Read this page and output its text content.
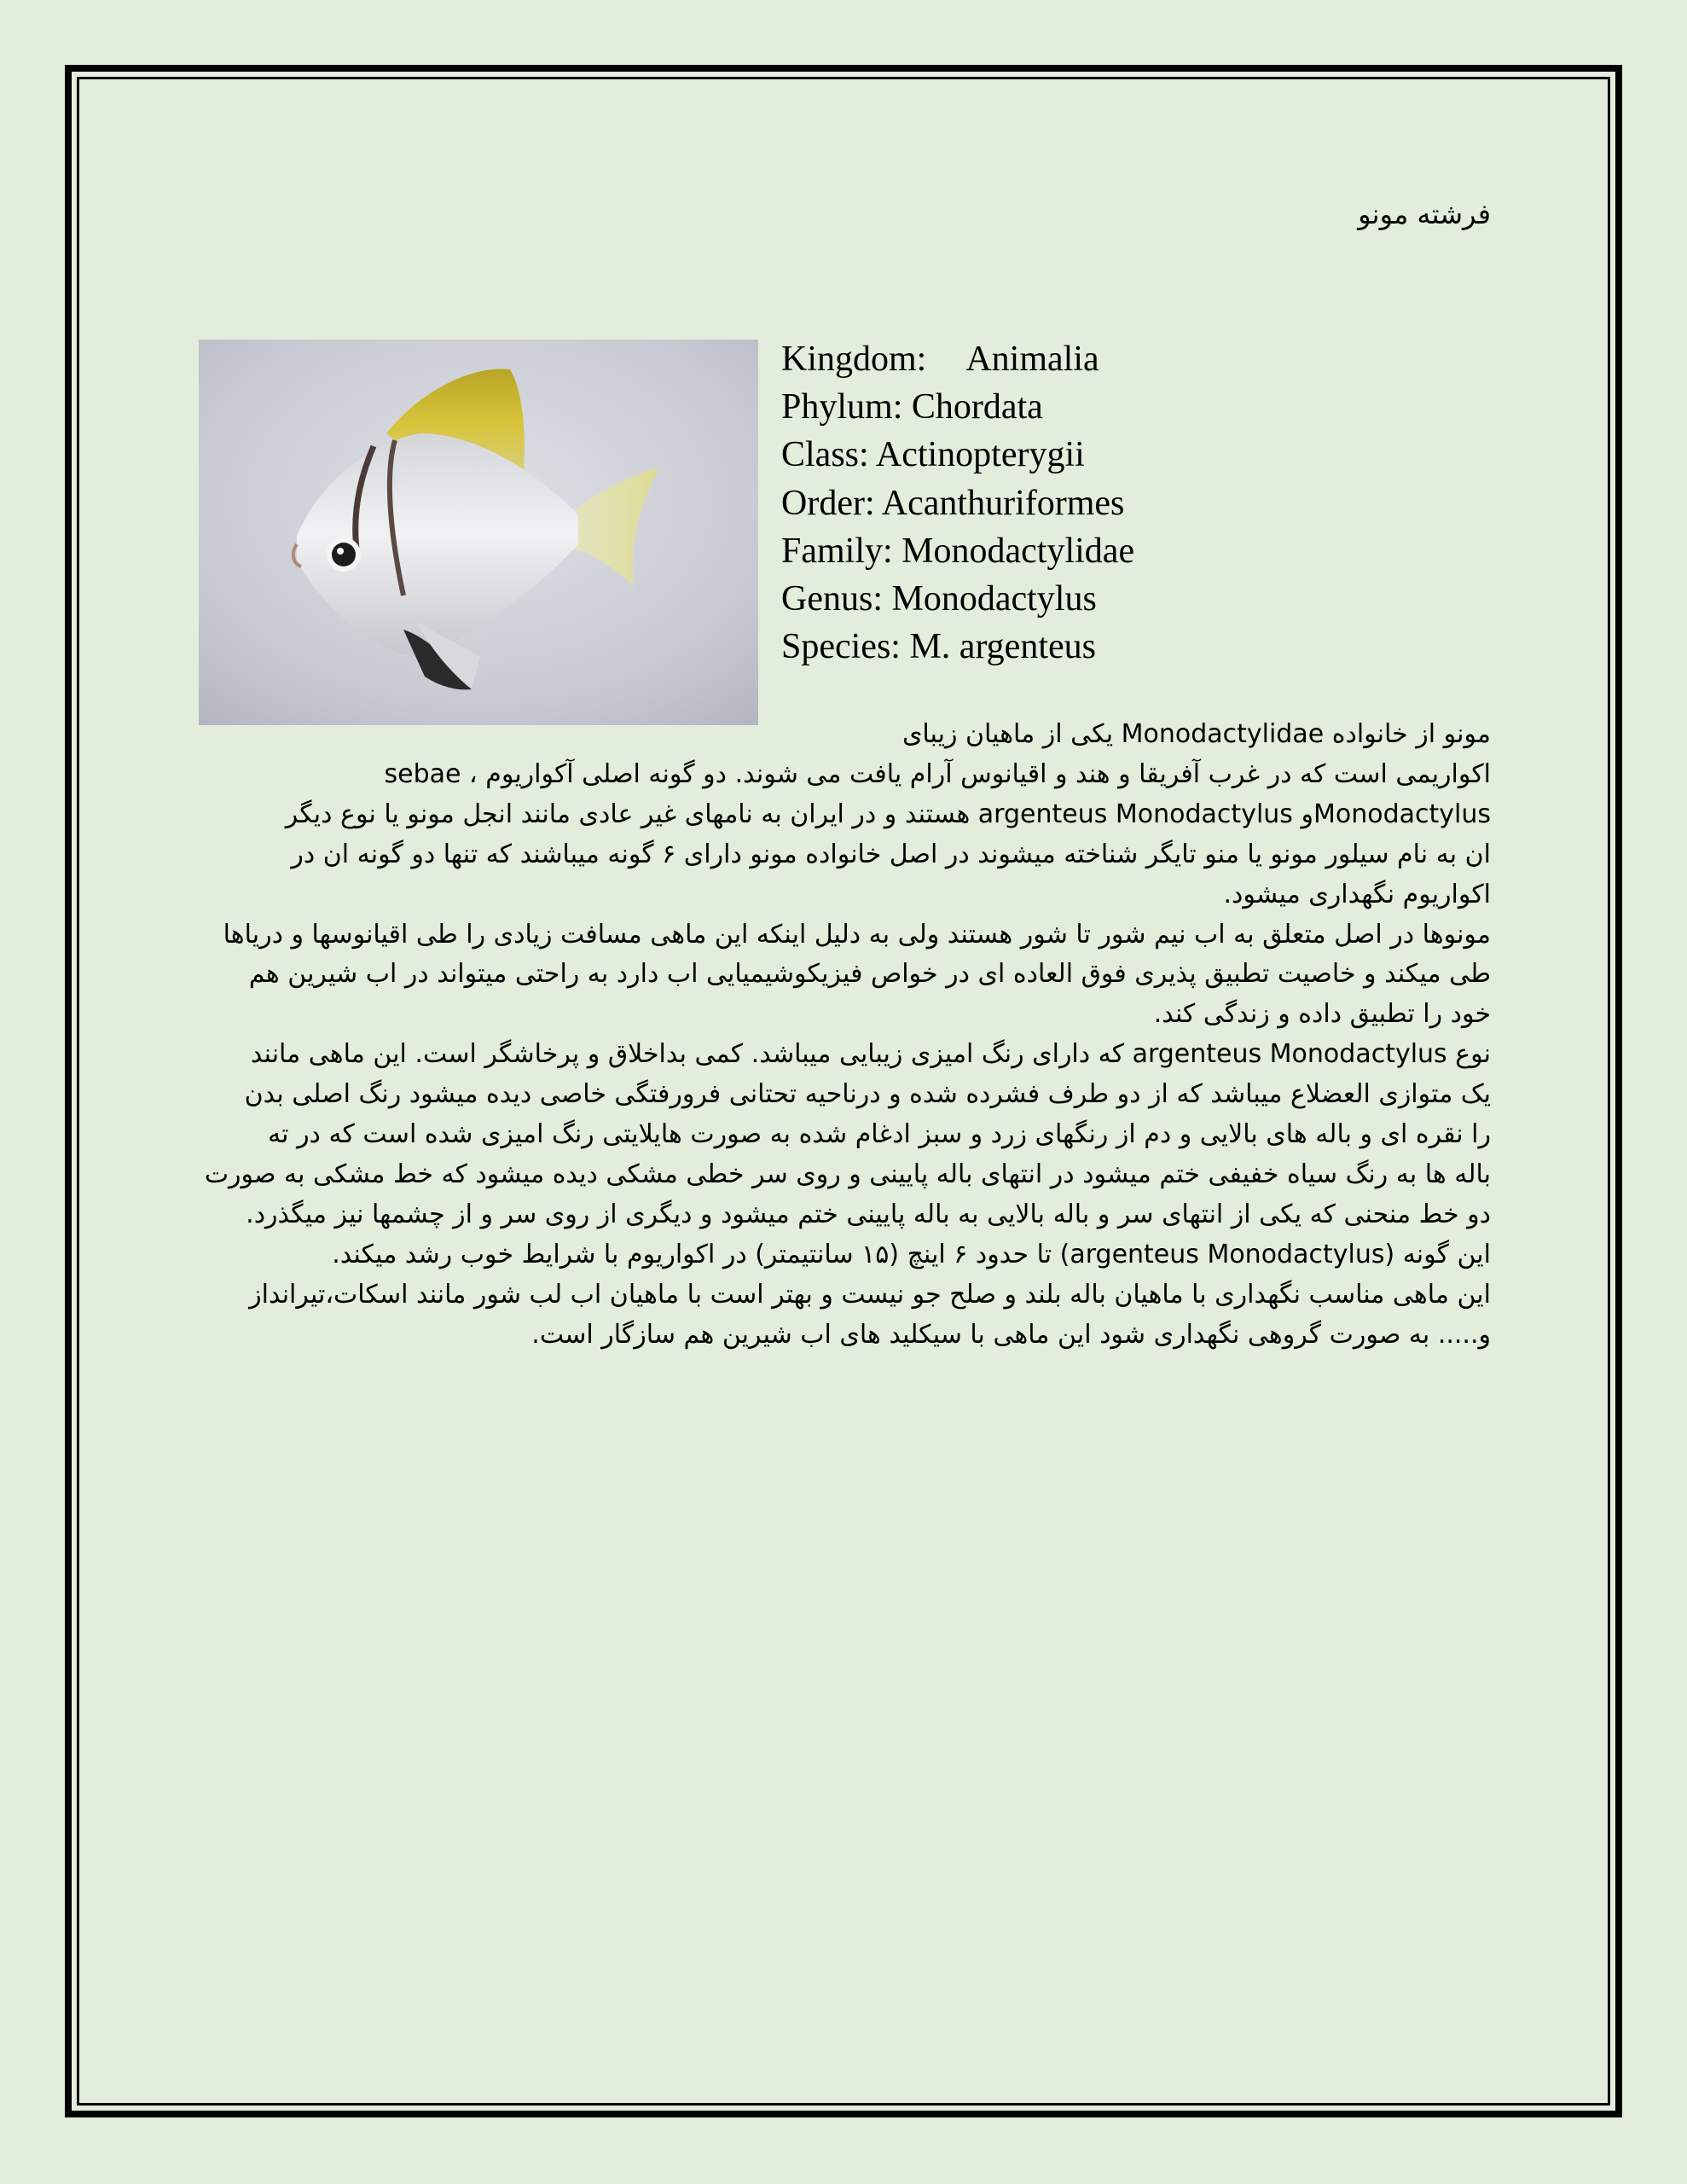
فرشته مونو
Kingdom: Animalia
Phylum: Chordata
Class: Actinopterygii
Order: Acanthuriformes
Family: Monodactylidae
Genus: Monodactylus
Species: M. argenteus

مونو از خانواده Monodactylidae یکی از ماهیان زیبای
اکواریمی است که در غرب آفریقا و هند و اقیانوس آرام یافت می شوند. دو گونه اصلی آکواریوم ، sebae
Monodactylusو argenteus Monodactylus هستند و در ایران به نامهای غیر عادی مانند انجل مونو یا نوع دیگر
ان به نام سیلور مونو یا منو تایگر شناخته میشوند در اصل خانواده مونو دارای ۶ گونه میباشند که تنها دو گونه ان در
اکواریوم نگهداری میشود.

مونوها در اصل متعلق به اب نیم شور تا شور هستند ولی به دلیل اینکه این ماهی مسافت زیادی را طی اقیانوسها و دریاها
طی میکند و خاصیت تطبیق پذیری فوق العاده ای در خواص فیزیکوشیمیایی اب دارد به راحتی میتواند در اب شیرین هم
خود را تطبیق داده و زندگی کند.

نوع argenteus Monodactylus که دارای رنگ امیزی زیبایی میباشد. کمی بداخلاق و پرخاشگر است. این ماهی مانند
یک متوازی العضلاع میباشد که از دو طرف فشرده شده و درناحیه تحتانی فرورفتگی خاصی دیده میشود رنگ اصلی بدن
را نقره ای و باله های بالایی و دم از رنگهای زرد و سبز ادغام شده به صورت هایلایتی رنگ امیزی شده است که در ته
باله ها به رنگ سیاه خفیفی ختم میشود در انتهای باله پایینی و روی سر خطی مشکی دیده میشود که خط مشکی به صورت
دو خط منحنی که یکی از انتهای سر و باله بالایی به باله پایینی ختم میشود و دیگری از روی سر و از چشمها نیز میگذرد.
این گونه (argenteus Monodactylus) تا حدود ۶ اینچ (۱۵ سانتیمتر) در اکواریوم با شرایط خوب رشد میکند.
این ماهی مناسب نگهداری با ماهیان باله بلند و صلح جو نیست و بهتر است با ماهیان اب لب شور مانند اسکات،تیرانداز
و..... به صورت گروهی نگهداری شود این ماهی با سیکلید های اب شیرین هم سازگار است.
